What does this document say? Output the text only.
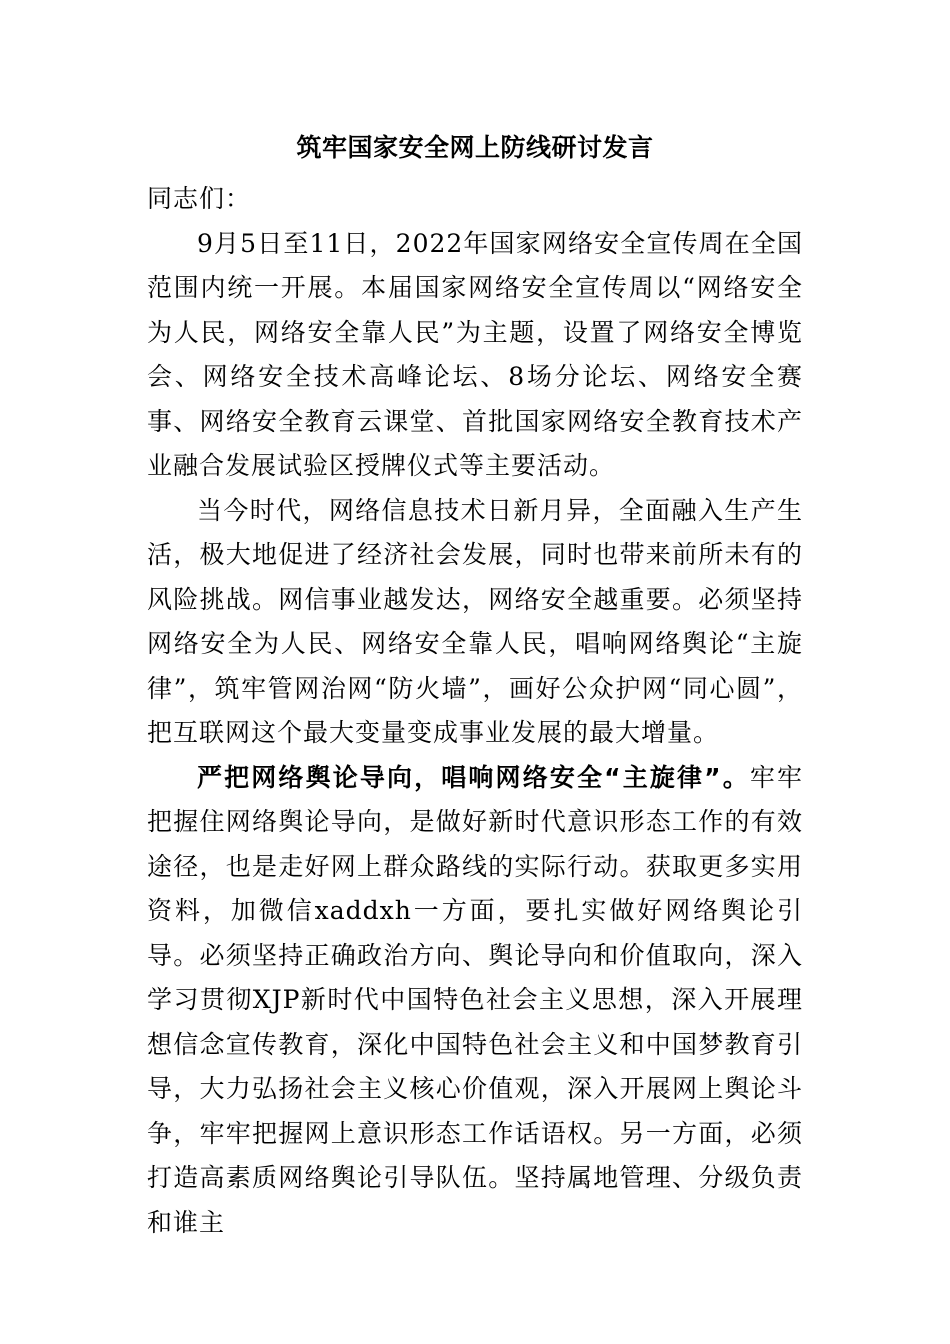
筑牢国家安全网上防线研讨发言

同志们：

9月5日至11日，2022年国家网络安全宣传周在全国范围内统一开展。本届国家网络安全宣传周以“网络安全为人民，网络安全靠人民”为主题，设置了网络安全博览会、网络安全技术高峰论坛、8场分论坛、网络安全赛事、网络安全教育云课堂、首批国家网络安全教育技术产业融合发展试验区授牌仪式等主要活动。

当今时代，网络信息技术日新月异，全面融入生产生活，极大地促进了经济社会发展，同时也带来前所未有的风险挑战。网信事业越发达，网络安全越重要。必须坚持网络安全为人民、网络安全靠人民，唱响网络舆论“主旋律”，筑牢管网治网“防火墙”，画好公众护网“同心圆”，把互联网这个最大变量变成事业发展的最大增量。

严把网络舆论导向，唱响网络安全“主旋律”。牢牢把握住网络舆论导向，是做好新时代意识形态工作的有效途径，也是走好网上群众路线的实际行动。获取更多实用资料，加微信xaddxh一方面，要扎实做好网络舆论引导。必须坚持正确政治方向、舆论导向和价值取向，深入学习贯彻XJP新时代中国特色社会主义思想，深入开展理想信念宣传教育，深化中国特色社会主义和中国梦教育引导，大力弘扬社会主义核心价值观，深入开展网上舆论斗争，牢牢把握网上意识形态工作话语权。另一方面，必须打造高素质网络舆论引导队伍。坚持属地管理、分级负责和谁主
